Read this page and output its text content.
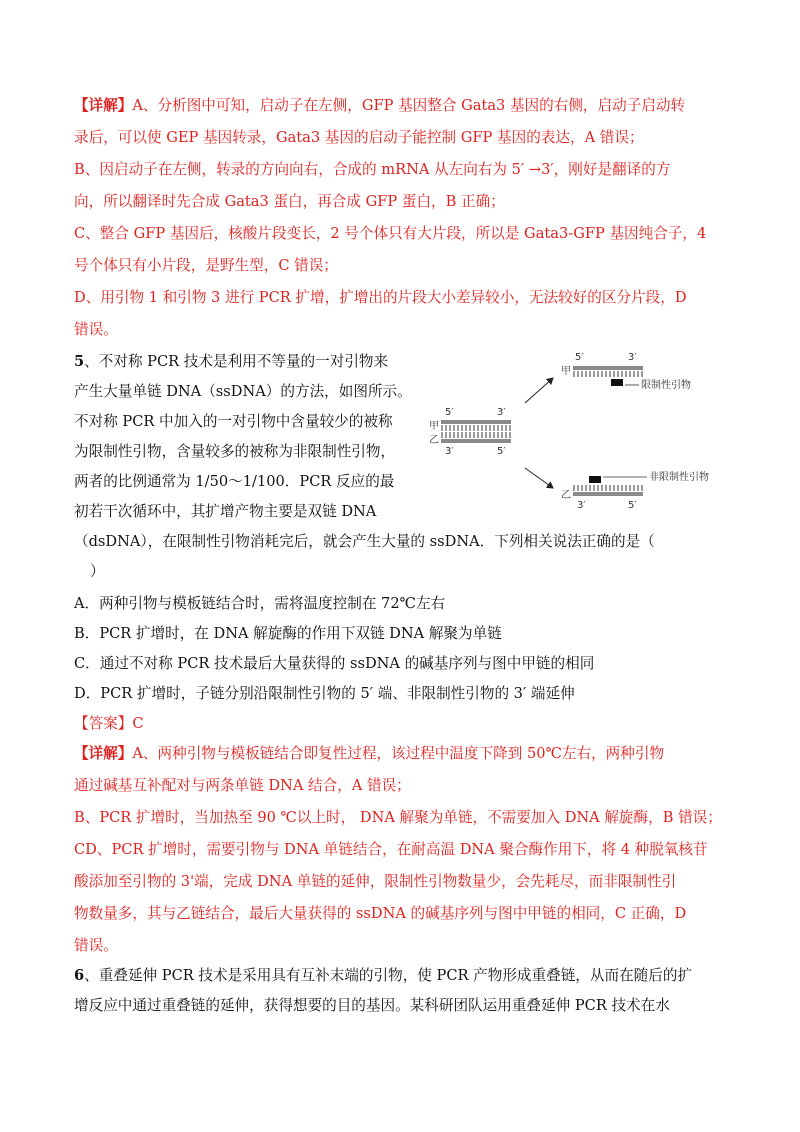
【详解】A、分析图中可知，启动子在左侧，GFP 基因整合 Gata3 基因的右侧，启动子启动转
录后，可以使 GEP 基因转录，Gata3 基因的启动子能控制 GFP 基因的表达，A 错误；
B、因启动子在左侧，转录的方向向右，合成的 mRNA 从左向右为 5′ →3′，刚好是翻译的方
向，所以翻译时先合成 Gata3 蛋白，再合成 GFP 蛋白，B 正确；
C、整合 GFP 基因后，核酸片段变长，2 号个体只有大片段，所以是 Gata3-GFP 基因纯合子，4
号个体只有小片段，是野生型，C 错误；
D、用引物 1 和引物 3 进行 PCR 扩增，扩增出的片段大小差异较小，无法较好的区分片段，D
错误。
5、不对称 PCR 技术是利用不等量的一对引物来
产生大量单链 DNA（ssDNA）的方法，如图所示。
不对称 PCR 中加入的一对引物中含量较少的被称
为限制性引物，含量较多的被称为非限制性引物，
两者的比例通常为 1/50～1/100．PCR 反应的最
初若干次循环中，其扩增产物主要是双链 DNA
（dsDNA），在限制性引物消耗完后，就会产生大量的 ssDNA．下列相关说法正确的是（
）
A．两种引物与模板链结合时，需将温度控制在 72℃左右
B．PCR 扩增时，在 DNA 解旋酶的作用下双链 DNA 解聚为单链
C．通过不对称 PCR 技术最后大量获得的 ssDNA 的碱基序列与图中甲链的相同
D．PCR 扩增时，子链分别沿限制性引物的 5′ 端、非限制性引物的 3′ 端延伸
【答案】C
【详解】A、两种引物与模板链结合即复性过程，该过程中温度下降到 50℃左右，两种引物
通过碱基互补配对与两条单链 DNA 结合，A 错误；
B、PCR 扩增时，当加热至 90 ℃以上时， DNA 解聚为单链，不需要加入 DNA 解旋酶，B 错误；
CD、PCR 扩增时，需要引物与 DNA 单链结合，在耐高温 DNA 聚合酶作用下，将 4 种脱氧核苷
酸添加至引物的 3'端，完成 DNA 单链的延伸，限制性引物数量少，会先耗尽，而非限制性引
物数量多，其与乙链结合，最后大量获得的 ssDNA 的碱基序列与图中甲链的相同，C 正确，D
错误。
6、重叠延伸 PCR 技术是采用具有互补末端的引物，使 PCR 产物形成重叠链，从而在随后的扩
增反应中通过重叠链的延伸，获得想要的目的基因。某科研团队运用重叠延伸 PCR 技术在水
5′	3′
甲
乙
3′	5′
5′	3′
甲
限制性引物
非限制性引物
乙
3′	5′
